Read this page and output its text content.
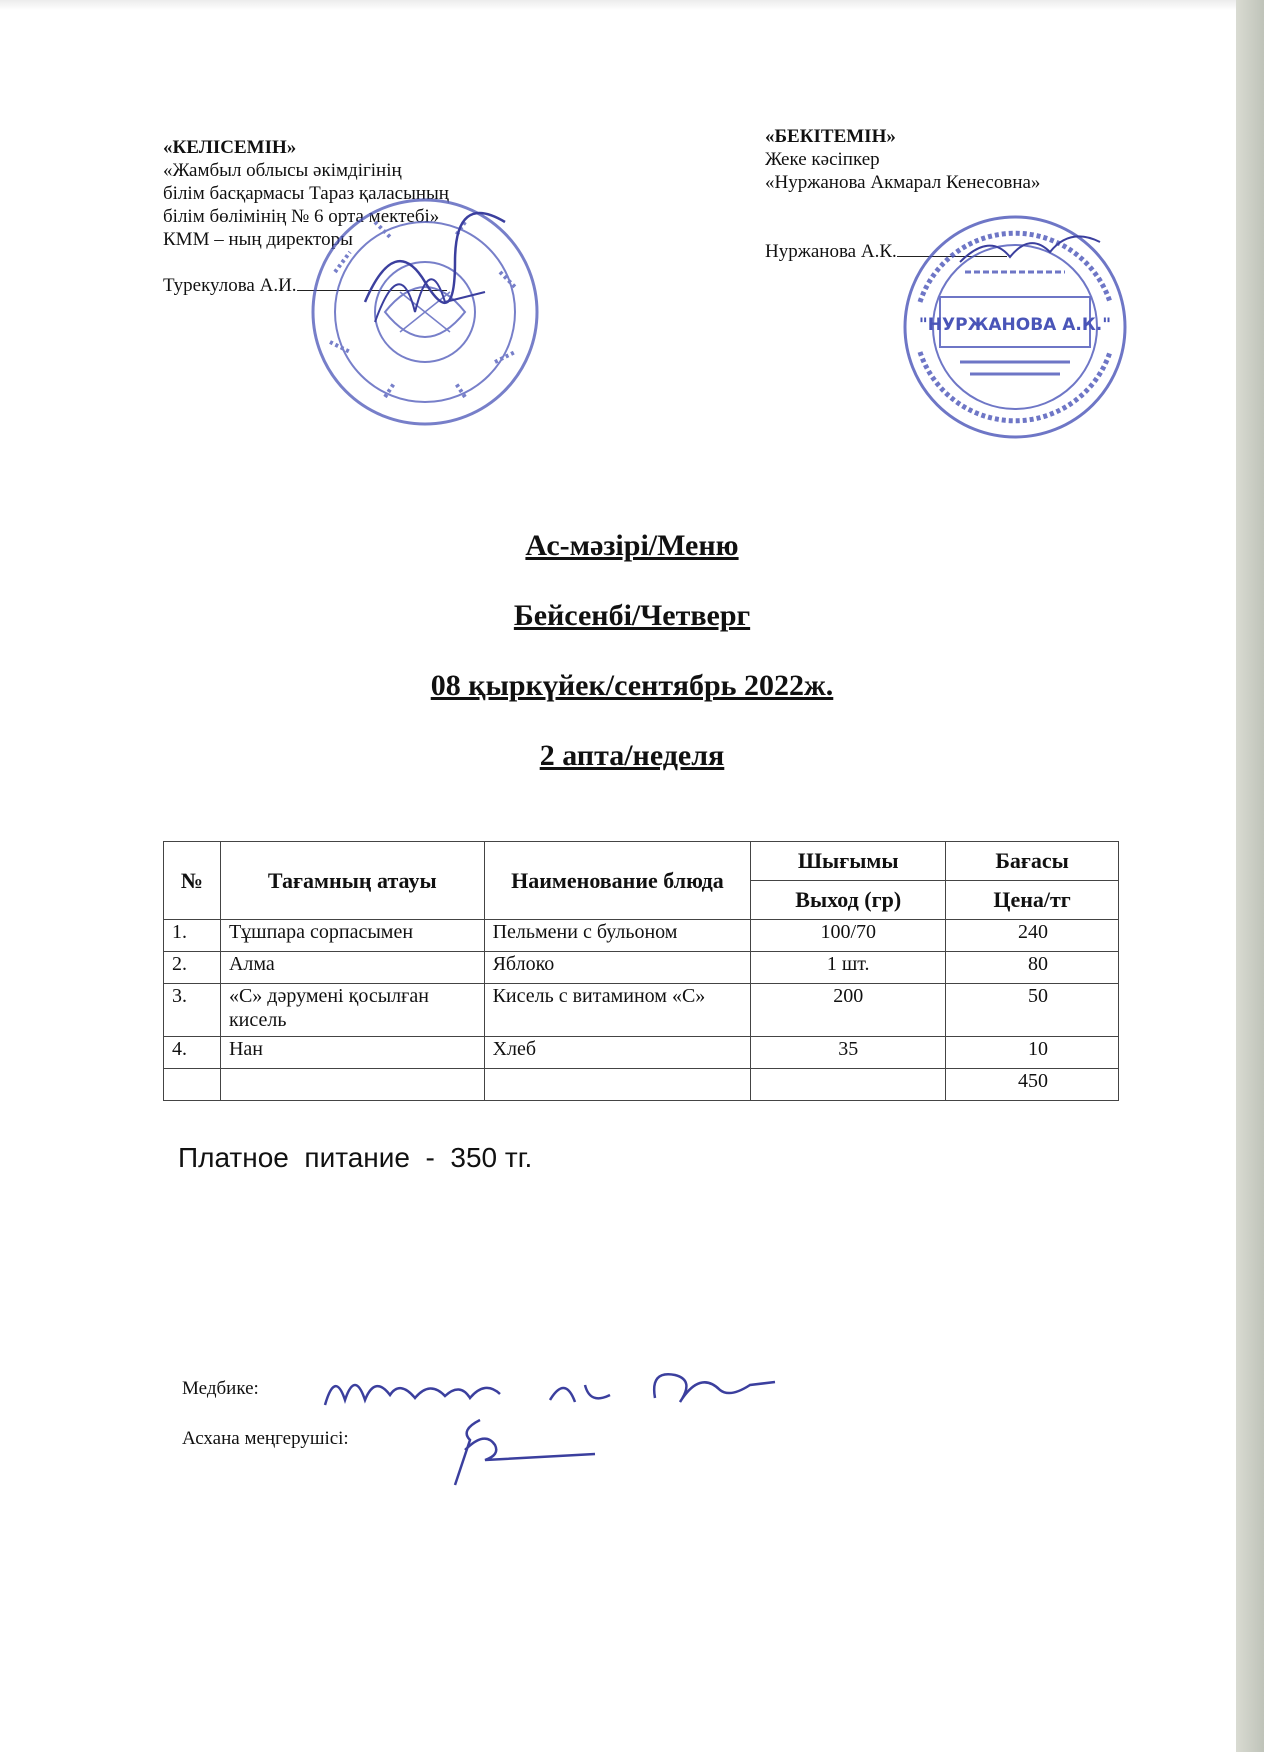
«КЕЛІСЕМІН»
«Жамбыл облысы әкімдігінің
білім басқармасы Тараз қаласының
білім бөлімінің № 6 орта мектебі»
КММ – ның директоры
Турекулова А.И.
«БЕКІТЕМІН»
Жеке кәсіпкер
«Нуржанова Акмарал Кенесовна»
Нуржанова А.К.
"НУРЖАНОВА А.К."
Ас-мәзірі/Меню
Бейсенбі/Четверг
08 қыркүйек/сентябрь 2022ж.
2 апта/неделя
№	Тағамның атауы	Наименование блюда	Шығымы	Бағасы
			Выход (гр)	Цена/тг
1.	Тұшпара сорпасымен	Пельмени с бульоном	100/70	240
2.	Алма	Яблоко	1 шт.	80
3.	«С» дәрумені қосылған кисель	Кисель с витамином «С»	200	50
4.	Нан	Хлеб	35	10
				450
Платное  питание  -  350 тг.
Медбике:
Асхана меңгерушісі:
